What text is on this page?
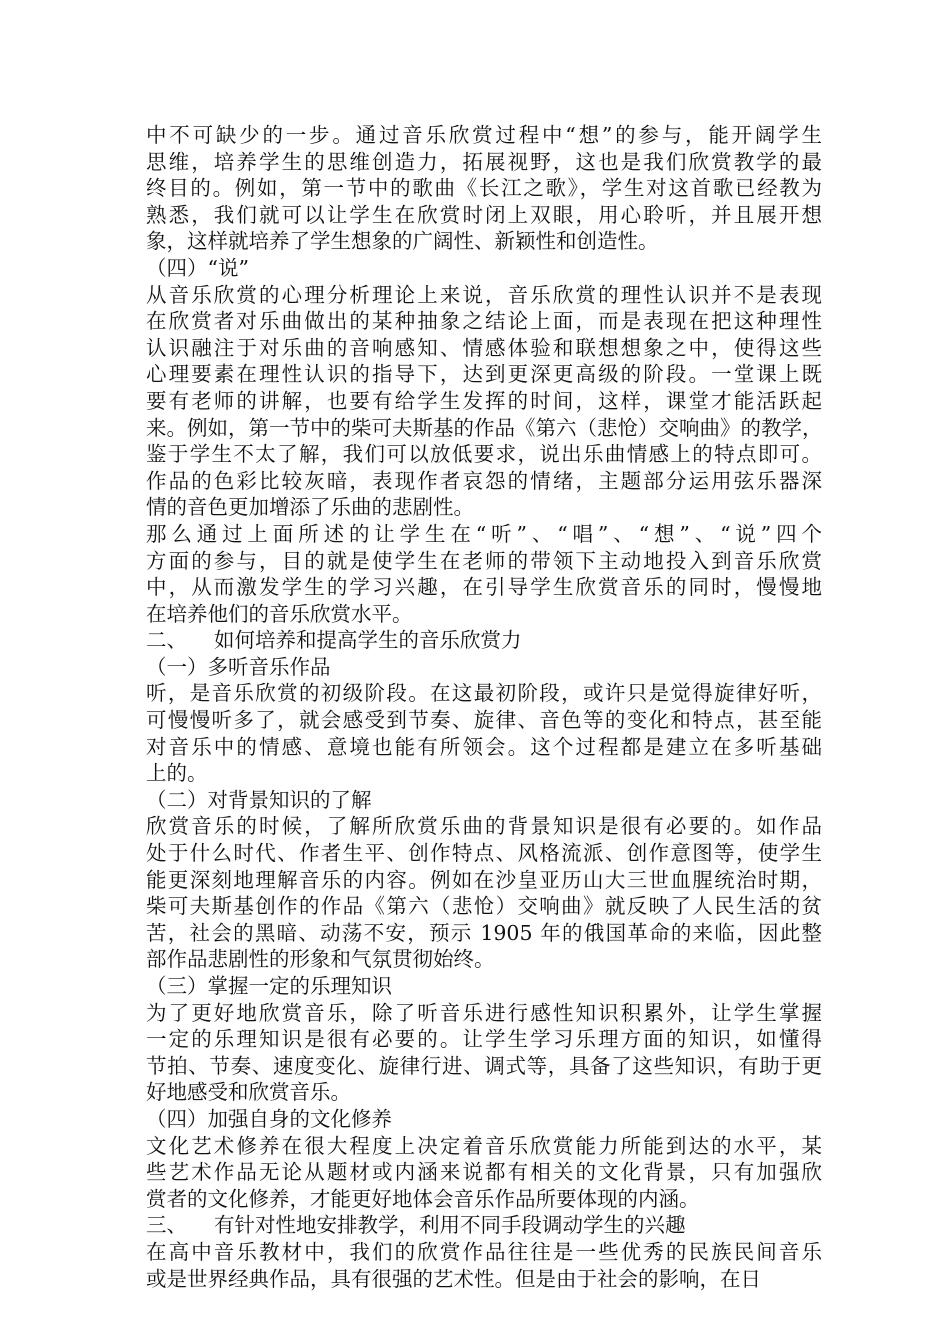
中不可缺少的一步。通过音乐欣赏过程中“想”的参与，能开阔学生
思维，培养学生的思维创造力，拓展视野，这也是我们欣赏教学的最
终目的。例如，第一节中的歌曲《长江之歌》，学生对这首歌已经教为
熟悉，我们就可以让学生在欣赏时闭上双眼，用心聆听，并且展开想
象，这样就培养了学生想象的广阔性、新颖性和创造性。
（四）“说”
从音乐欣赏的心理分析理论上来说，音乐欣赏的理性认识并不是表现
在欣赏者对乐曲做出的某种抽象之结论上面，而是表现在把这种理性
认识融注于对乐曲的音响感知、情感体验和联想想象之中，使得这些
心理要素在理性认识的指导下，达到更深更高级的阶段。一堂课上既
要有老师的讲解，也要有给学生发挥的时间，这样，课堂才能活跃起
来。例如，第一节中的柴可夫斯基的作品《第六（悲怆）交响曲》的教学，
鉴于学生不太了解，我们可以放低要求，说出乐曲情感上的特点即可。
作品的色彩比较灰暗，表现作者哀怨的情绪，主题部分运用弦乐器深
情的音色更加增添了乐曲的悲剧性。
那么通过上面所述的让学生在“听”、“唱”、“想”、“说”四个
方面的参与，目的就是使学生在老师的带领下主动地投入到音乐欣赏
中，从而激发学生的学习兴趣，在引导学生欣赏音乐的同时，慢慢地
在培养他们的音乐欣赏水平。
二、 如何培养和提高学生的音乐欣赏力
（一）多听音乐作品
听，是音乐欣赏的初级阶段。在这最初阶段，或许只是觉得旋律好听，
可慢慢听多了，就会感受到节奏、旋律、音色等的变化和特点，甚至能
对音乐中的情感、意境也能有所领会。这个过程都是建立在多听基础
上的。
（二）对背景知识的了解
欣赏音乐的时候，了解所欣赏乐曲的背景知识是很有必要的。如作品
处于什么时代、作者生平、创作特点、风格流派、创作意图等，使学生
能更深刻地理解音乐的内容。例如在沙皇亚历山大三世血腥统治时期，
柴可夫斯基创作的作品《第六（悲怆）交响曲》就反映了人民生活的贫
苦，社会的黑暗、动荡不安，预示 1905 年的俄国革命的来临，因此整
部作品悲剧性的形象和气氛贯彻始终。
（三）掌握一定的乐理知识
为了更好地欣赏音乐，除了听音乐进行感性知识积累外，让学生掌握
一定的乐理知识是很有必要的。让学生学习乐理方面的知识，如懂得
节拍、节奏、速度变化、旋律行进、调式等，具备了这些知识，有助于更
好地感受和欣赏音乐。
（四）加强自身的文化修养
文化艺术修养在很大程度上决定着音乐欣赏能力所能到达的水平，某
些艺术作品无论从题材或内涵来说都有相关的文化背景，只有加强欣
赏者的文化修养，才能更好地体会音乐作品所要体现的内涵。
三、 有针对性地安排教学，利用不同手段调动学生的兴趣
在高中音乐教材中，我们的欣赏作品往往是一些优秀的民族民间音乐
或是世界经典作品，具有很强的艺术性。但是由于社会的影响，在日
